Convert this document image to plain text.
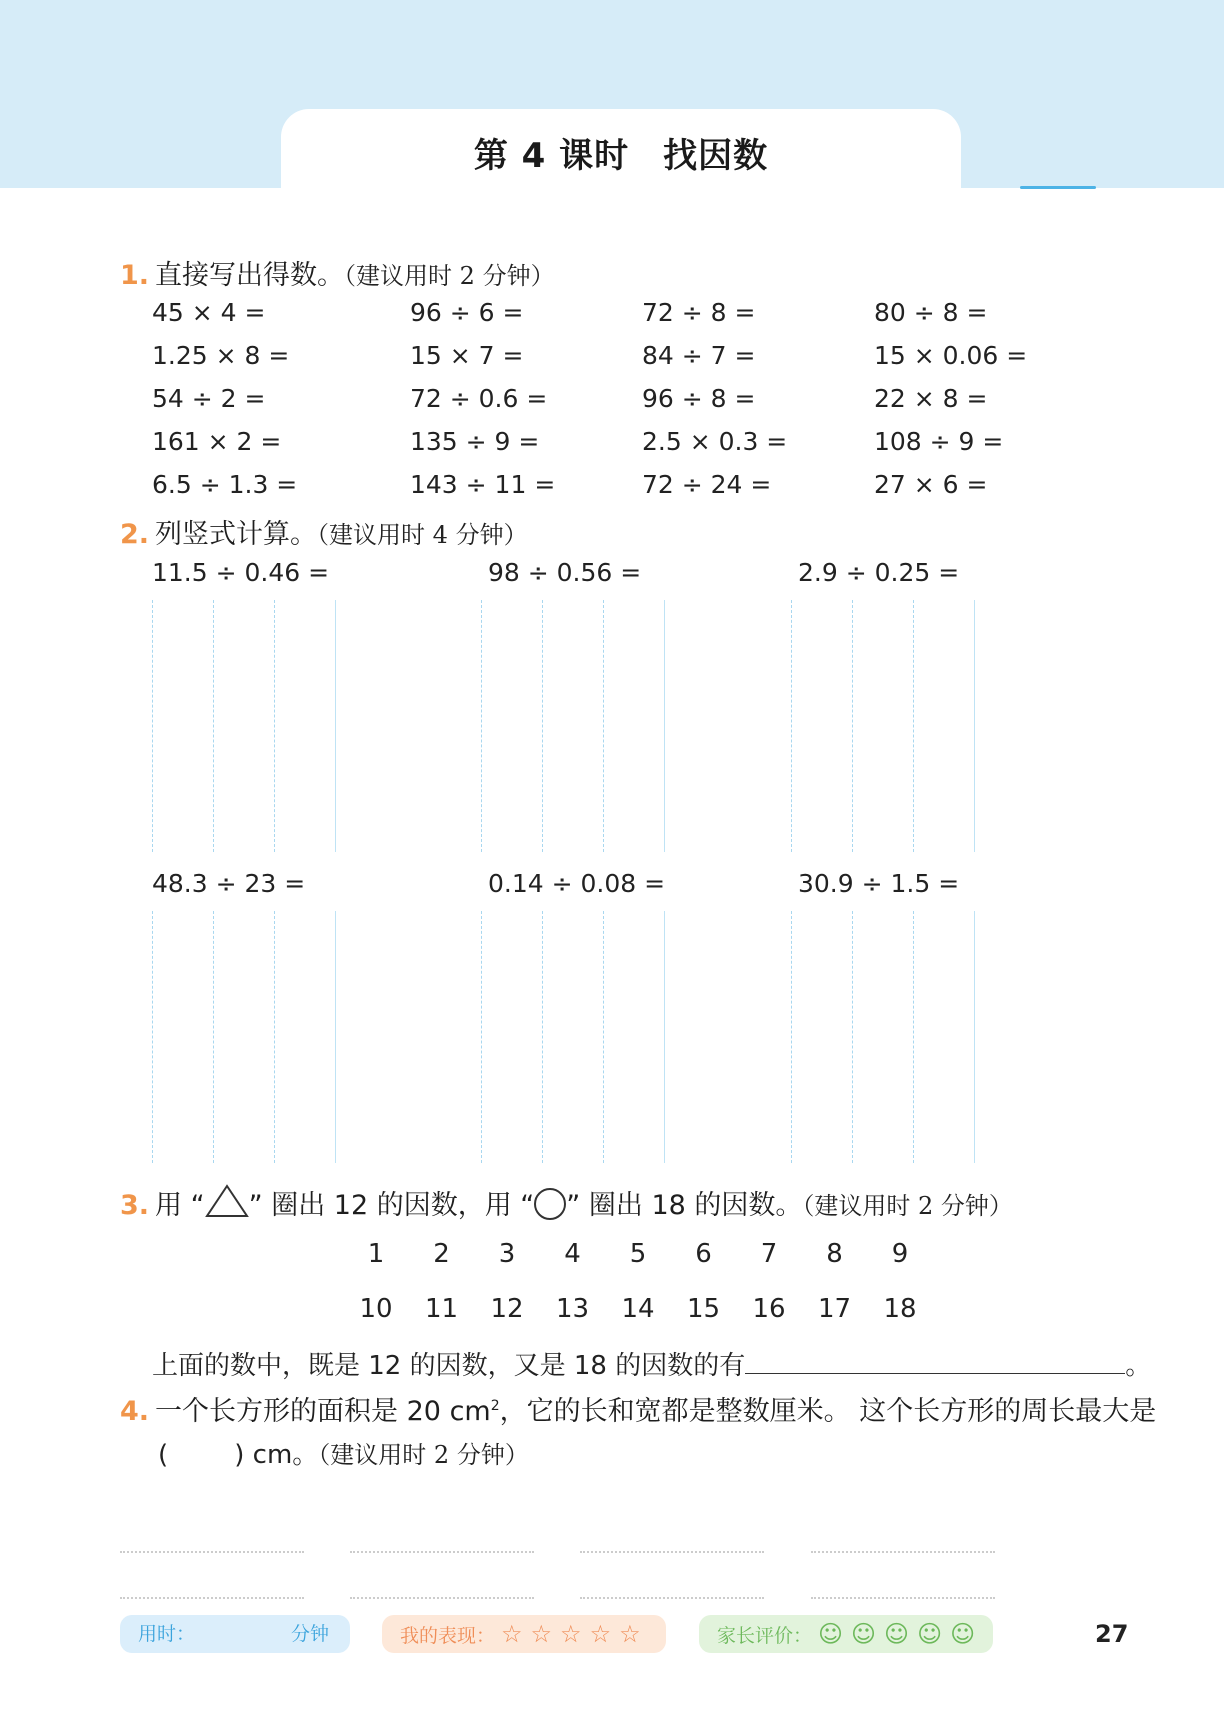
第 4 课时 找因数
1. 直接写出得数。（建议用时 2 分钟）
45 × 4 =	96 ÷ 6 =	72 ÷ 8 =	80 ÷ 8 =
1.25 × 8 =	15 × 7 =	84 ÷ 7 =	15 × 0.06 =
54 ÷ 2 =	72 ÷ 0.6 =	96 ÷ 8 =	22 × 8 =
161 × 2 =	135 ÷ 9 =	2.5 × 0.3 =	108 ÷ 9 =
6.5 ÷ 1.3 =	143 ÷ 11 =	72 ÷ 24 =	27 × 6 =
2. 列竖式计算。（建议用时 4 分钟）
11.5 ÷ 0.46 =	98 ÷ 0.56 =	2.9 ÷ 0.25 =
48.3 ÷ 23 =	0.14 ÷ 0.08 =	30.9 ÷ 1.5 =
3. 用 “ ” 圈出 12 的因数，用 “ ” 圈出 18 的因数。（建议用时 2 分钟）
1	2	3	4	5	6	7	8	9
10 11 12 13 14 15 16 17 18
上面的数中，既是 12 的因数，又是 18 的因数的有	。
4. 一个长方形的面积是 20 $cm^2$，它的长和宽都是整数厘米。 这个长方形的周长最大是
(        ) cm。（建议用时 2 分钟）
用时：	分钟	我的表现： ☆☆☆☆☆	家长评价： ☺☺☺☺☺	27
